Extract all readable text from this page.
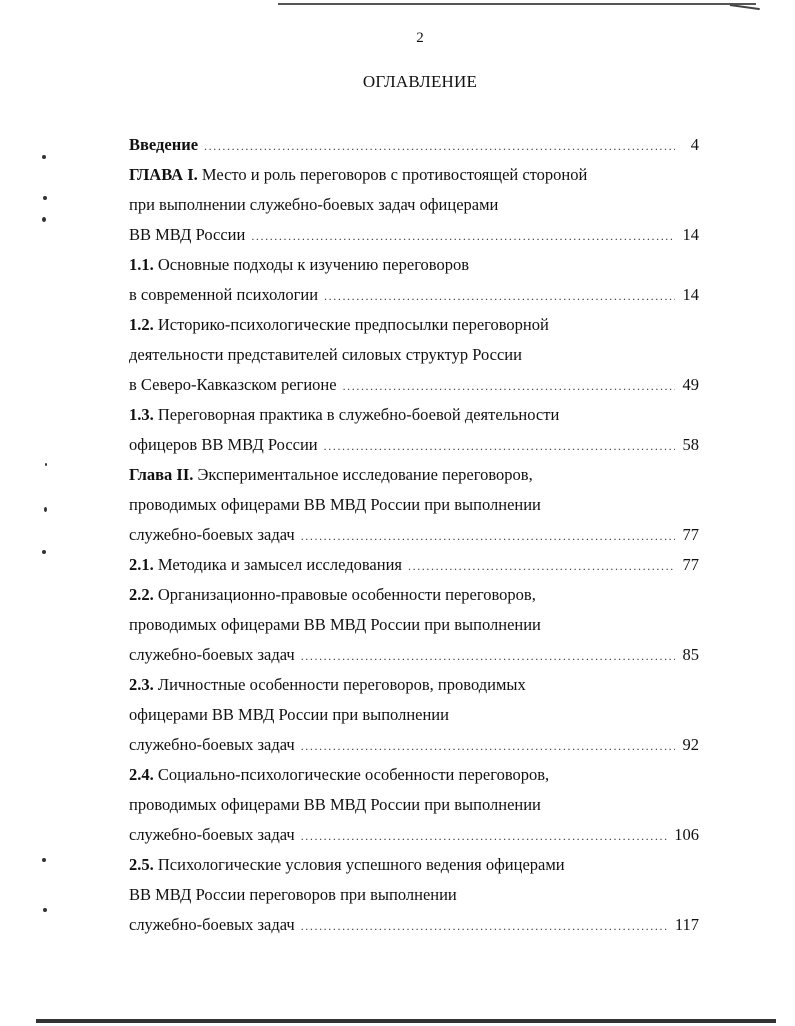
2
ОГЛАВЛЕНИЕ
Введение .....	4
ГЛАВА I. Место и роль переговоров с противостоящей стороной
при выполнении служебно-боевых задач офицерами
ВВ МВД России .....	14
1.1. Основные подходы к изучению переговоров
в современной психологии .....	14
1.2. Историко-психологические предпосылки переговорной
деятельности представителей силовых структур России
в Северо-Кавказском регионе .....	49
1.3. Переговорная практика в служебно-боевой деятельности
офицеров ВВ МВД России .....	58
Глава II. Экспериментальное исследование переговоров,
проводимых офицерами ВВ МВД России при выполнении
служебно-боевых задач .....	77
2.1. Методика и замысел исследования .....	77
2.2. Организационно-правовые особенности переговоров,
проводимых офицерами ВВ МВД России при выполнении
служебно-боевых задач .....	85
2.3. Личностные особенности переговоров, проводимых
офицерами ВВ МВД России при выполнении
служебно-боевых задач .....	92
2.4. Социально-психологические особенности переговоров,
проводимых офицерами ВВ МВД России при выполнении
служебно-боевых задач .....	106
2.5. Психологические условия успешного ведения офицерами
ВВ МВД России переговоров при выполнении
служебно-боевых задач .....	117
